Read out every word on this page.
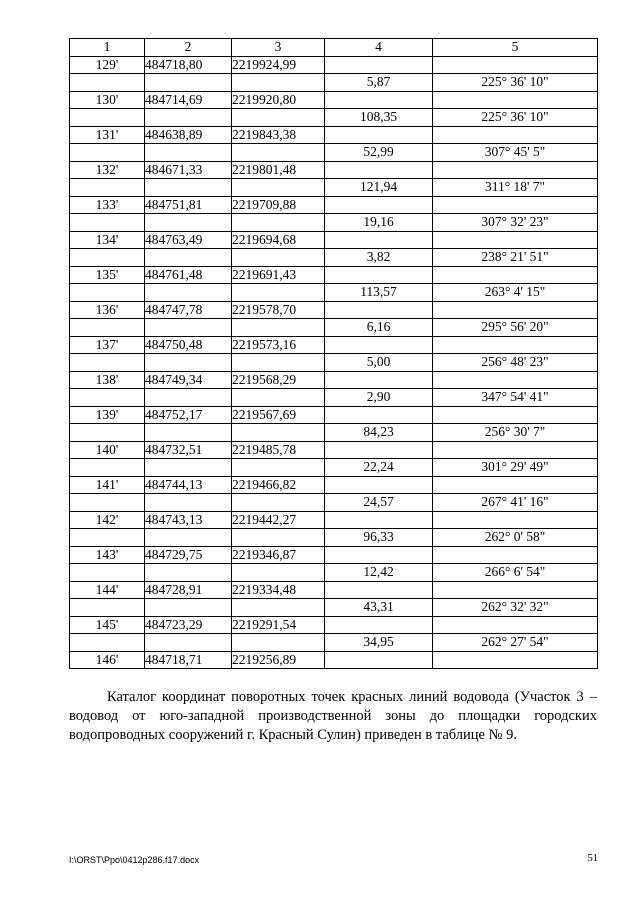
1	2	3	4	5
129'	484718,80	2219924,99		
			5,87	225° 36' 10"
130'	484714,69	2219920,80		
			108,35	225° 36' 10"
131'	484638,89	2219843,38		
			52,99	307° 45' 5"
132'	484671,33	2219801,48		
			121,94	311° 18' 7"
133'	484751,81	2219709,88		
			19,16	307° 32' 23"
134'	484763,49	2219694,68		
			3,82	238° 21' 51"
135'	484761,48	2219691,43		
			113,57	263° 4' 15"
136'	484747,78	2219578,70		
			6,16	295° 56' 20"
137'	484750,48	2219573,16		
			5,00	256° 48' 23"
138'	484749,34	2219568,29		
			2,90	347° 54' 41"
139'	484752,17	2219567,69		
			84,23	256° 30' 7"
140'	484732,51	2219485,78		
			22,24	301° 29' 49"
141'	484744,13	2219466,82		
			24,57	267° 41' 16"
142'	484743,13	2219442,27		
			96,33	262° 0' 58"
143'	484729,75	2219346,87		
			12,42	266° 6' 54"
144'	484728,91	2219334,48		
			43,31	262° 32' 32"
145'	484723,29	2219291,54		
			34,95	262° 27' 54"
146'	484718,71	2219256,89		

Каталог координат поворотных точек красных линий водовода (Участок 3 – водовод от юго-западной производственной зоны до площадки городских водопроводных сооружений г. Красный Сулин) приведен в таблице № 9.

I:\ORST\Ppo\0412p286.f17.docx	51
